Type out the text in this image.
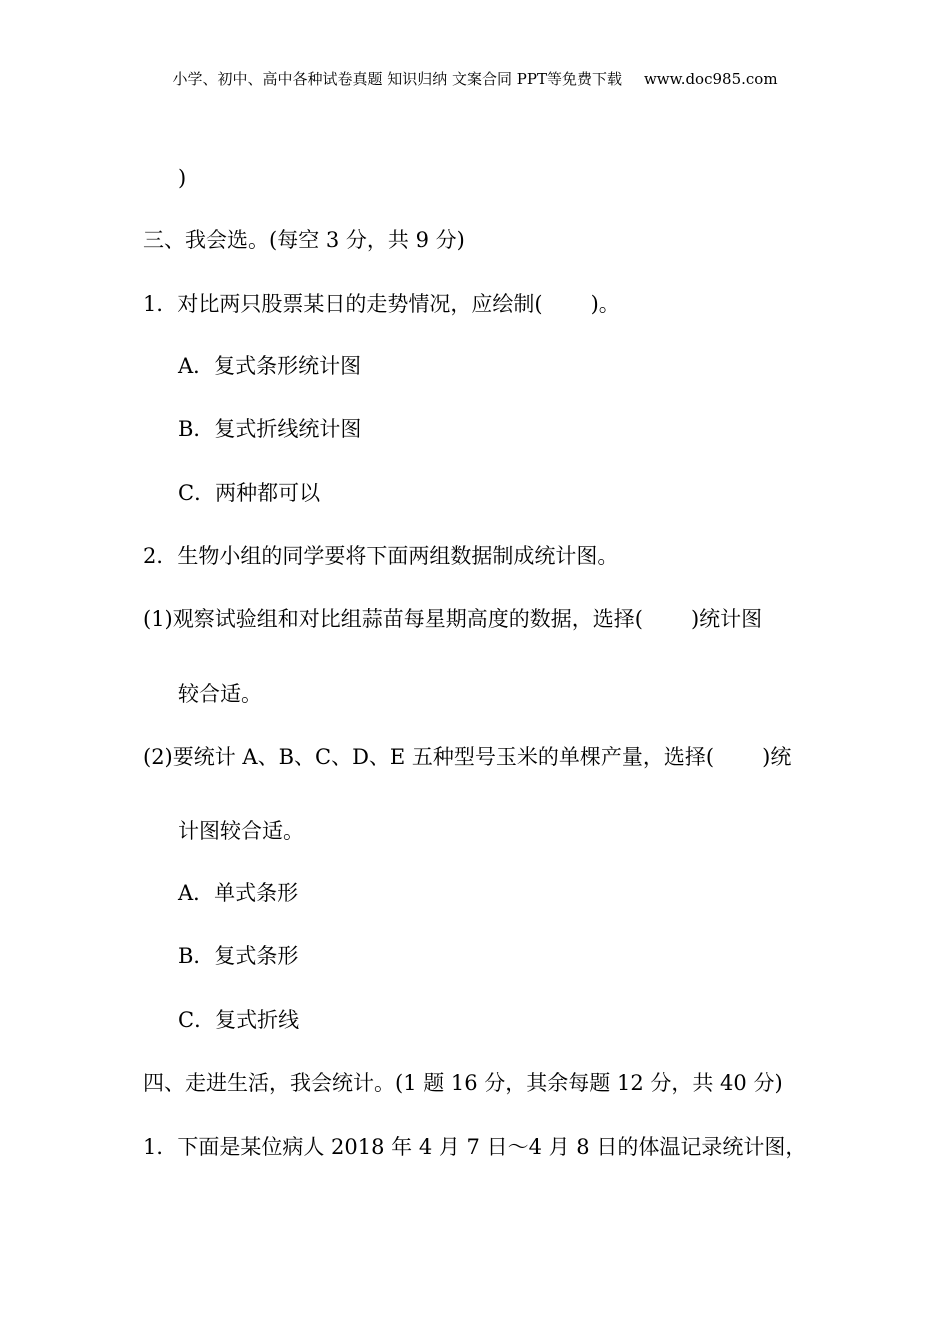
小学、初中、高中各种试卷真题 知识归纳 文案合同 PPT等免费下载 www.doc985.com
)
三、我会选。(每空 3 分，共 9 分)
1．对比两只股票某日的走势情况，应绘制( )。
A．复式条形统计图
B．复式折线统计图
C．两种都可以
2．生物小组的同学要将下面两组数据制成统计图。
(1)观察试验组和对比组蒜苗每星期高度的数据，选择( )统计图
较合适。
(2)要统计 A、B、C、D、E 五种型号玉米的单棵产量，选择( )统
计图较合适。
A．单式条形
B．复式条形
C．复式折线
四、走进生活，我会统计。(1 题 16 分，其余每题 12 分，共 40 分)
1．下面是某位病人 2018 年 4 月 7 日～4 月 8 日的体温记录统计图，
